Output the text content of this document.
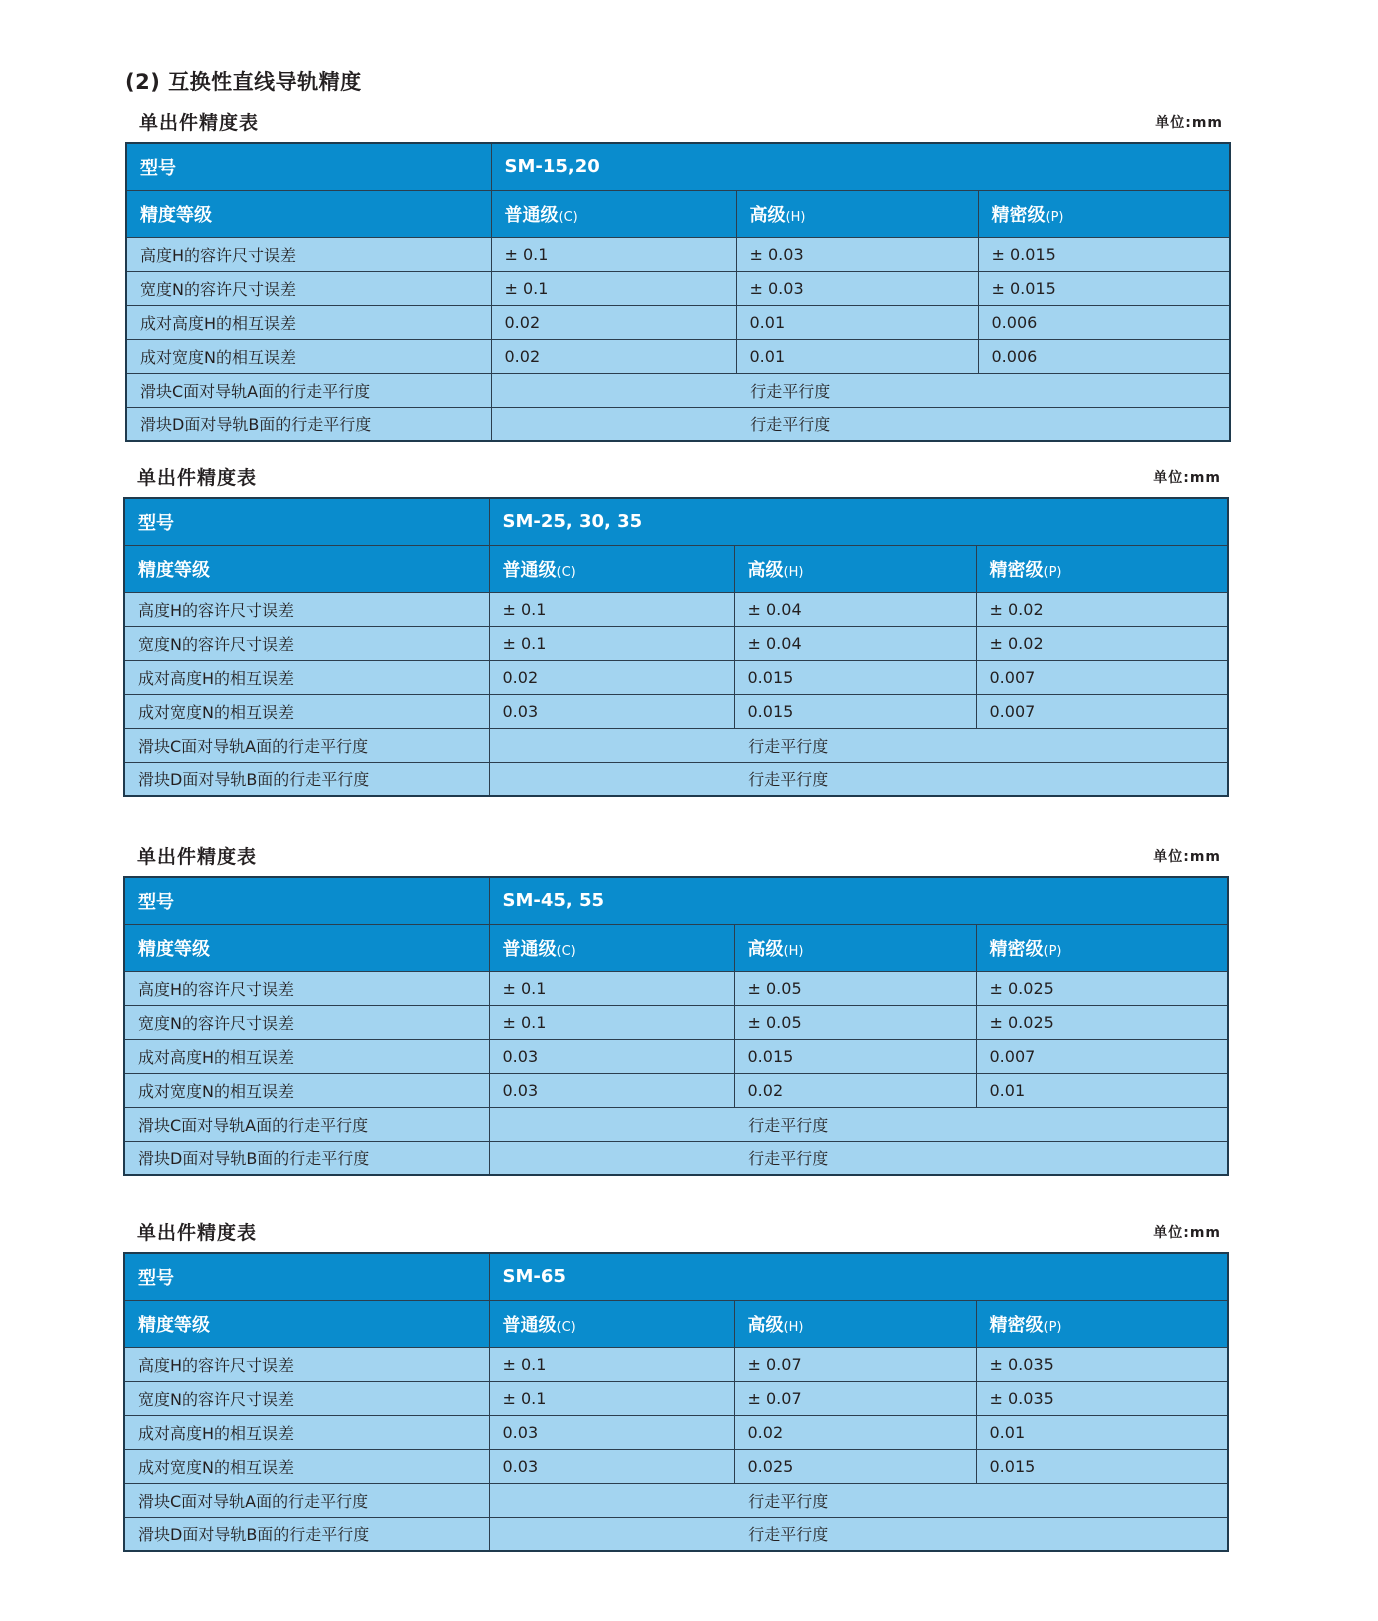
(2) 互换性直线导轨精度
单出件精度表	单位:mm
型号	SM-15,20		
精度等级	普通级(C)	高级(H)	精密级(P)
高度H的容许尺寸误差	± 0.1	± 0.03	± 0.015
宽度N的容许尺寸误差	± 0.1	± 0.03	± 0.015
成对高度H的相互误差	0.02	0.01	0.006
成对宽度N的相互误差	0.02	0.01	0.006
滑块C面对导轨A面的行走平行度	行走平行度		
滑块D面对导轨B面的行走平行度	行走平行度		
单出件精度表	单位:mm
型号	SM-25, 30, 35		
精度等级	普通级(C)	高级(H)	精密级(P)
高度H的容许尺寸误差	± 0.1	± 0.04	± 0.02
宽度N的容许尺寸误差	± 0.1	± 0.04	± 0.02
成对高度H的相互误差	0.02	0.015	0.007
成对宽度N的相互误差	0.03	0.015	0.007
滑块C面对导轨A面的行走平行度	行走平行度		
滑块D面对导轨B面的行走平行度	行走平行度		
单出件精度表	单位:mm
型号	SM-45, 55		
精度等级	普通级(C)	高级(H)	精密级(P)
高度H的容许尺寸误差	± 0.1	± 0.05	± 0.025
宽度N的容许尺寸误差	± 0.1	± 0.05	± 0.025
成对高度H的相互误差	0.03	0.015	0.007
成对宽度N的相互误差	0.03	0.02	0.01
滑块C面对导轨A面的行走平行度	行走平行度		
滑块D面对导轨B面的行走平行度	行走平行度		
单出件精度表	单位:mm
型号	SM-65		
精度等级	普通级(C)	高级(H)	精密级(P)
高度H的容许尺寸误差	± 0.1	± 0.07	± 0.035
宽度N的容许尺寸误差	± 0.1	± 0.07	± 0.035
成对高度H的相互误差	0.03	0.02	0.01
成对宽度N的相互误差	0.03	0.025	0.015
滑块C面对导轨A面的行走平行度	行走平行度		
滑块D面对导轨B面的行走平行度	行走平行度		
